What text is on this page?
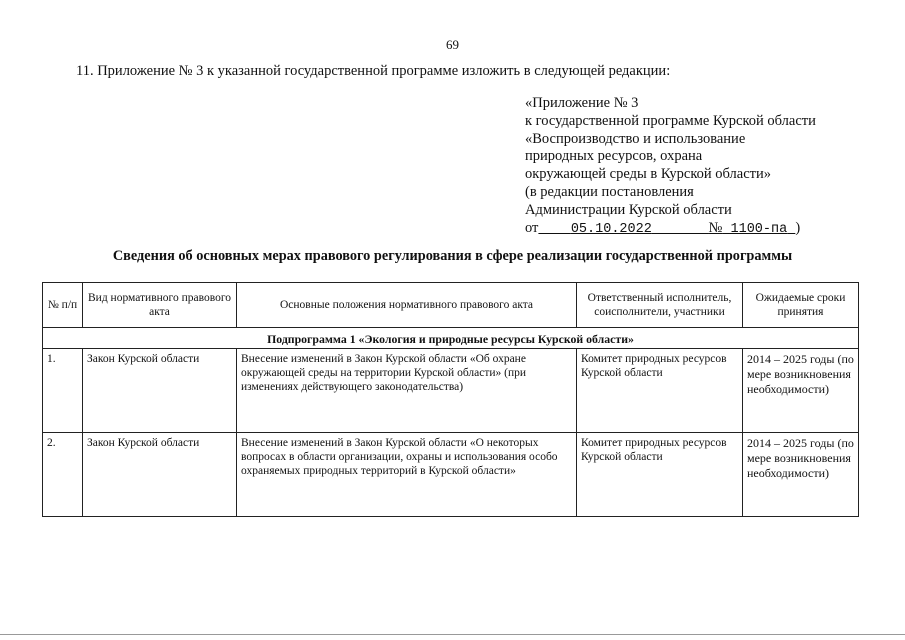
69
11. Приложение № 3 к указанной государственной программе изложить в следующей редакции:
«Приложение № 3
к государственной программе Курской области
«Воспроизводство и использование
природных ресурсов, охрана
окружающей среды в Курской области»
(в редакции постановления
Администрации Курской области
от 05.10.2022	№ 1100-па )
Сведения об основных мерах правового регулирования в сфере реализации государственной программы
№ п/п	Вид нормативного правового акта	Основные положения нормативного правового акта	Ответственный исполнитель, соисполнители, участники	Ожидаемые сроки принятия
Подпрограмма 1 «Экология и природные ресурсы Курской области»				
1.	Закон Курской области	Внесение изменений в Закон Курской области «Об охране окружающей среды на территории Курской области» (при изменениях действующего законодательства)	Комитет природных ресурсов Курской области	2014 – 2025 годы (по мере возникновения необходимости)
2.	Закон Курской области	Внесение изменений в Закон Курской области «О некоторых вопросах в области организации, охраны и использования особо охраняемых природных территорий в Курской области»	Комитет природных ресурсов Курской области	2014 – 2025 годы (по мере возникновения необходимости)
